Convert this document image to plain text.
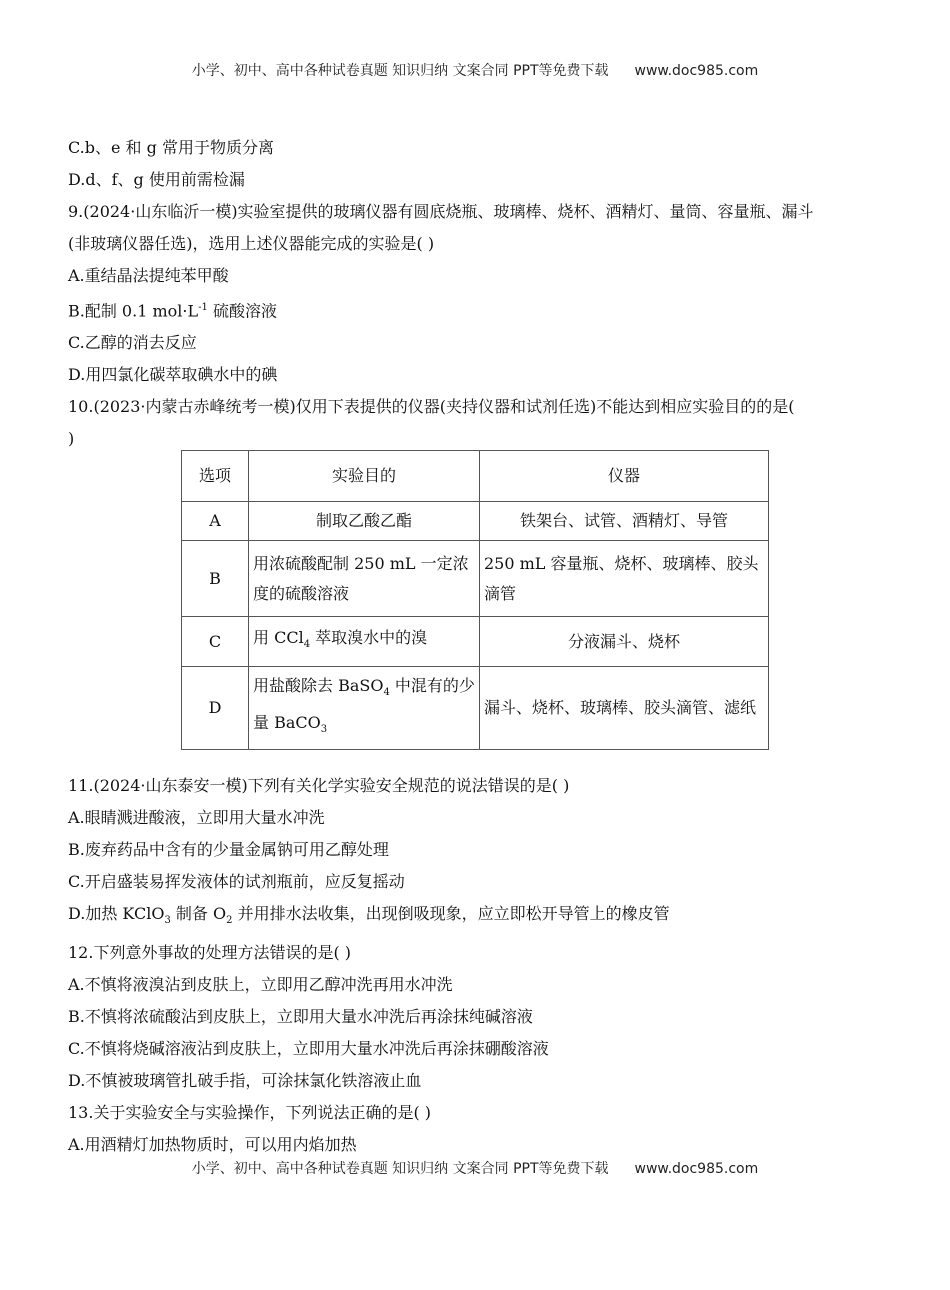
小学、初中、高中各种试卷真题 知识归纳 文案合同 PPT等免费下载 www.doc985.com
C.b、e 和 g 常用于物质分离
D.d、f、g 使用前需检漏
9.(2024·山东临沂一模)实验室提供的玻璃仪器有圆底烧瓶、玻璃棒、烧杯、酒精灯、量筒、容量瓶、漏斗
(非玻璃仪器任选)，选用上述仪器能完成的实验是( )
A.重结晶法提纯苯甲酸
B.配制 0.1 $mol\cdot L^{-1}$ 硫酸溶液
C.乙醇的消去反应
D.用四氯化碳萃取碘水中的碘
10.(2023·内蒙古赤峰统考一模)仅用下表提供的仪器(夹持仪器和试剂任选)不能达到相应实验目的的是(
)
选项	实验目的	仪器
A	制取乙酸乙酯	铁架台、试管、酒精灯、导管
B	用浓硫酸配制 250 mL 一定浓度的硫酸溶液	250 mL 容量瓶、烧杯、玻璃棒、胶头滴管
C	用 CCl$_4$ 萃取溴水中的溴	分液漏斗、烧杯
D	用盐酸除去 BaSO$_4$ 中混有的少量 BaCO$_3$	漏斗、烧杯、玻璃棒、胶头滴管、滤纸
11.(2024·山东泰安一模)下列有关化学实验安全规范的说法错误的是( )
A.眼睛溅进酸液，立即用大量水冲洗
B.废弃药品中含有的少量金属钠可用乙醇处理
C.开启盛装易挥发液体的试剂瓶前，应反复摇动
D.加热 KClO$_3$ 制备 $O_2$ 并用排水法收集，出现倒吸现象，应立即松开导管上的橡皮管
12.下列意外事故的处理方法错误的是( )
A.不慎将液溴沾到皮肤上，立即用乙醇冲洗再用水冲洗
B.不慎将浓硫酸沾到皮肤上，立即用大量水冲洗后再涂抹纯碱溶液
C.不慎将烧碱溶液沾到皮肤上，立即用大量水冲洗后再涂抹硼酸溶液
D.不慎被玻璃管扎破手指，可涂抹氯化铁溶液止血
13.关于实验安全与实验操作，下列说法正确的是( )
A.用酒精灯加热物质时，可以用内焰加热
小学、初中、高中各种试卷真题 知识归纳 文案合同 PPT等免费下载 www.doc985.com
